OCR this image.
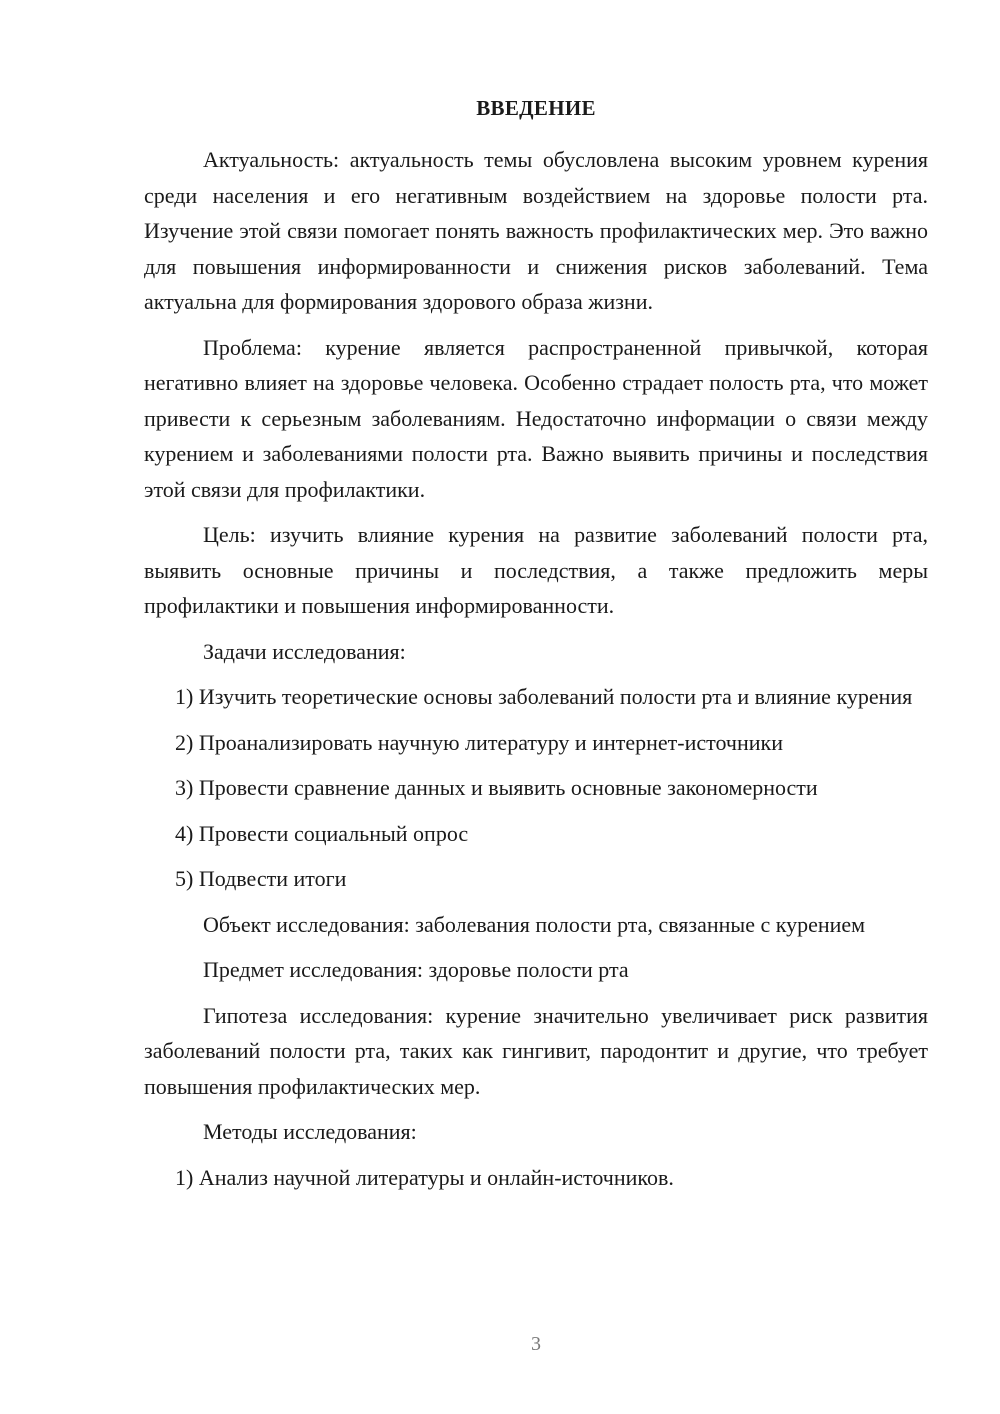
ВВЕДЕНИЕ

Актуальность: актуальность темы обусловлена высоким уровнем курения среди населения и его негативным воздействием на здоровье полости рта. Изучение этой связи помогает понять важность профилактических мер. Это важно для повышения информированности и снижения рисков заболеваний. Тема актуальна для формирования здорового образа жизни.

Проблема: курение является распространенной привычкой, которая негативно влияет на здоровье человека. Особенно страдает полость рта, что может привести к серьезным заболеваниям. Недостаточно информации о связи между курением и заболеваниями полости рта. Важно выявить причины и последствия этой связи для профилактики.

Цель: изучить влияние курения на развитие заболеваний полости рта, выявить основные причины и последствия, а также предложить меры профилактики и повышения информированности.

Задачи исследования:

1) Изучить теоретические основы заболеваний полости рта и влияние курения

2) Проанализировать научную литературу и интернет-источники

3) Провести сравнение данных и выявить основные закономерности

4) Провести социальный опрос

5) Подвести итоги

Объект исследования: заболевания полости рта, связанные с курением

Предмет исследования: здоровье полости рта

Гипотеза исследования: курение значительно увеличивает риск развития заболеваний полости рта, таких как гингивит, пародонтит и другие, что требует повышения профилактических мер.

Методы исследования:

1) Анализ научной литературы и онлайн-источников.

3
